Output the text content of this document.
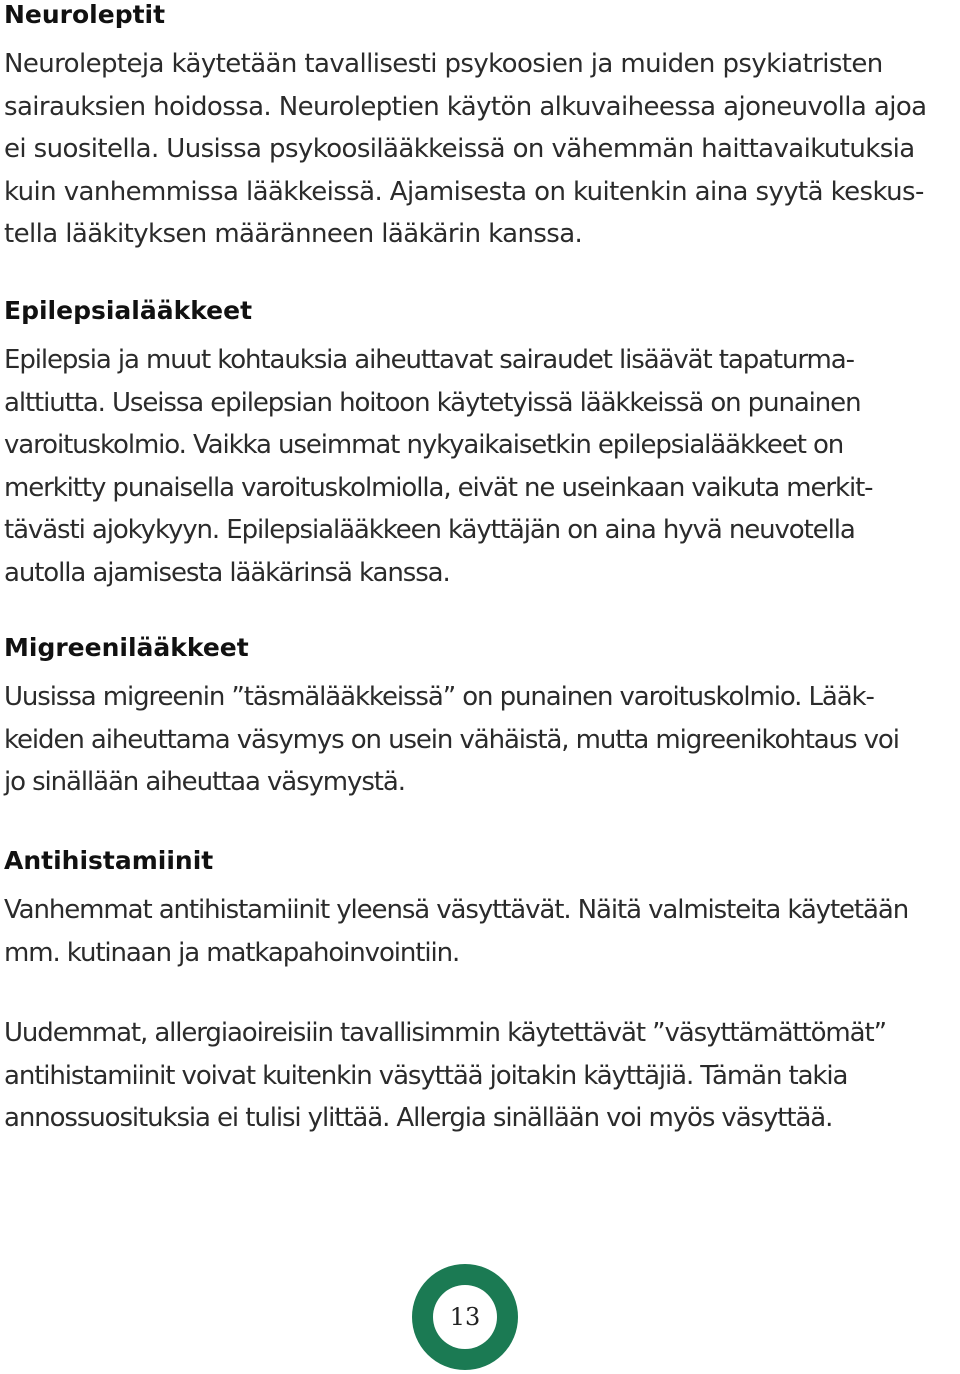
Neuroleptit
Neurolepteja käytetään tavallisesti psykoosien ja muiden psykiatristen
sairauksien hoidossa. Neuroleptien käytön alkuvaiheessa ajoneuvolla ajoa
ei suositella. Uusissa psykoosilääkkeissä on vähemmän haittavaikutuksia
kuin vanhemmissa lääkkeissä. Ajamisesta on kuitenkin aina syytä keskus-
tella lääkityksen määränneen lääkärin kanssa.
Epilepsialääkkeet
Epilepsia ja muut kohtauksia aiheuttavat sairaudet lisäävät tapaturma-
alttiutta. Useissa epilepsian hoitoon käytetyissä lääkkeissä on punainen
varoituskolmio. Vaikka useimmat nykyaikaisetkin epilepsialääkkeet on
merkitty punaisella varoituskolmiolla, eivät ne useinkaan vaikuta merkit-
tävästi ajokykyyn. Epilepsialääkkeen käyttäjän on aina hyvä neuvotella
autolla ajamisesta lääkärinsä kanssa.
Migreenilääkkeet
Uusissa migreenin ”täsmälääkkeissä” on punainen varoituskolmio. Lääk-
keiden aiheuttama väsymys on usein vähäistä, mutta migreenikohtaus voi
jo sinällään aiheuttaa väsymystä.
Antihistamiinit
Vanhemmat antihistamiinit yleensä väsyttävät. Näitä valmisteita käytetään
mm. kutinaan ja matkapahoinvointiin.
Uudemmat, allergiaoireisiin tavallisimmin käytettävät ”väsyttämättömät”
antihistamiinit voivat kuitenkin väsyttää joitakin käyttäjiä. Tämän takia
annossuosituksia ei tulisi ylittää. Allergia sinällään voi myös väsyttää.
13
